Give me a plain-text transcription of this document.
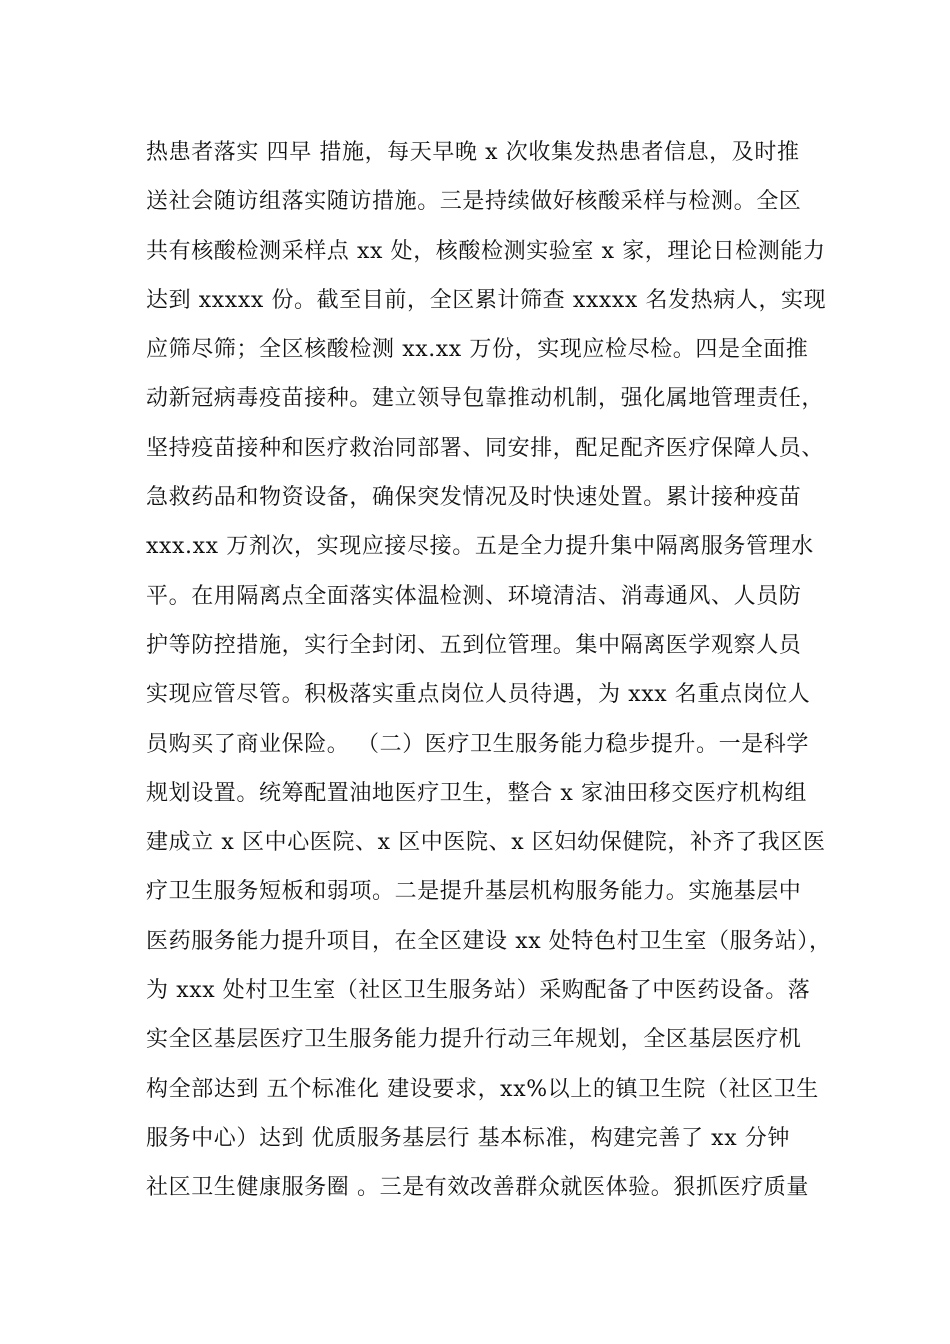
热患者落实 四早 措施，每天早晚 x 次收集发热患者信息，及时推
送社会随访组落实随访措施。三是持续做好核酸采样与检测。全区
共有核酸检测采样点 xx 处，核酸检测实验室 x 家，理论日检测能力
达到 xxxxx 份。截至目前，全区累计筛查 xxxxx 名发热病人，实现
应筛尽筛；全区核酸检测 xx.xx 万份，实现应检尽检。四是全面推
动新冠病毒疫苗接种。建立领导包靠推动机制，强化属地管理责任，
坚持疫苗接种和医疗救治同部署、同安排，配足配齐医疗保障人员、
急救药品和物资设备，确保突发情况及时快速处置。累计接种疫苗
xxx.xx 万剂次，实现应接尽接。五是全力提升集中隔离服务管理水
平。在用隔离点全面落实体温检测、环境清洁、消毒通风、人员防
护等防控措施，实行全封闭、五到位管理。集中隔离医学观察人员
实现应管尽管。积极落实重点岗位人员待遇，为 xxx 名重点岗位人
员购买了商业保险。 （二）医疗卫生服务能力稳步提升。一是科学
规划设置。统筹配置油地医疗卫生，整合 x 家油田移交医疗机构组
建成立 x 区中心医院、x 区中医院、x 区妇幼保健院，补齐了我区医
疗卫生服务短板和弱项。二是提升基层机构服务能力。实施基层中
医药服务能力提升项目，在全区建设 xx 处特色村卫生室（服务站），
为 xxx 处村卫生室（社区卫生服务站）采购配备了中医药设备。落
实全区基层医疗卫生服务能力提升行动三年规划，全区基层医疗机
构全部达到 五个标准化 建设要求，xx%以上的镇卫生院（社区卫生
服务中心）达到 优质服务基层行 基本标准，构建完善了 xx 分钟
社区卫生健康服务圈 。三是有效改善群众就医体验。狠抓医疗质量
